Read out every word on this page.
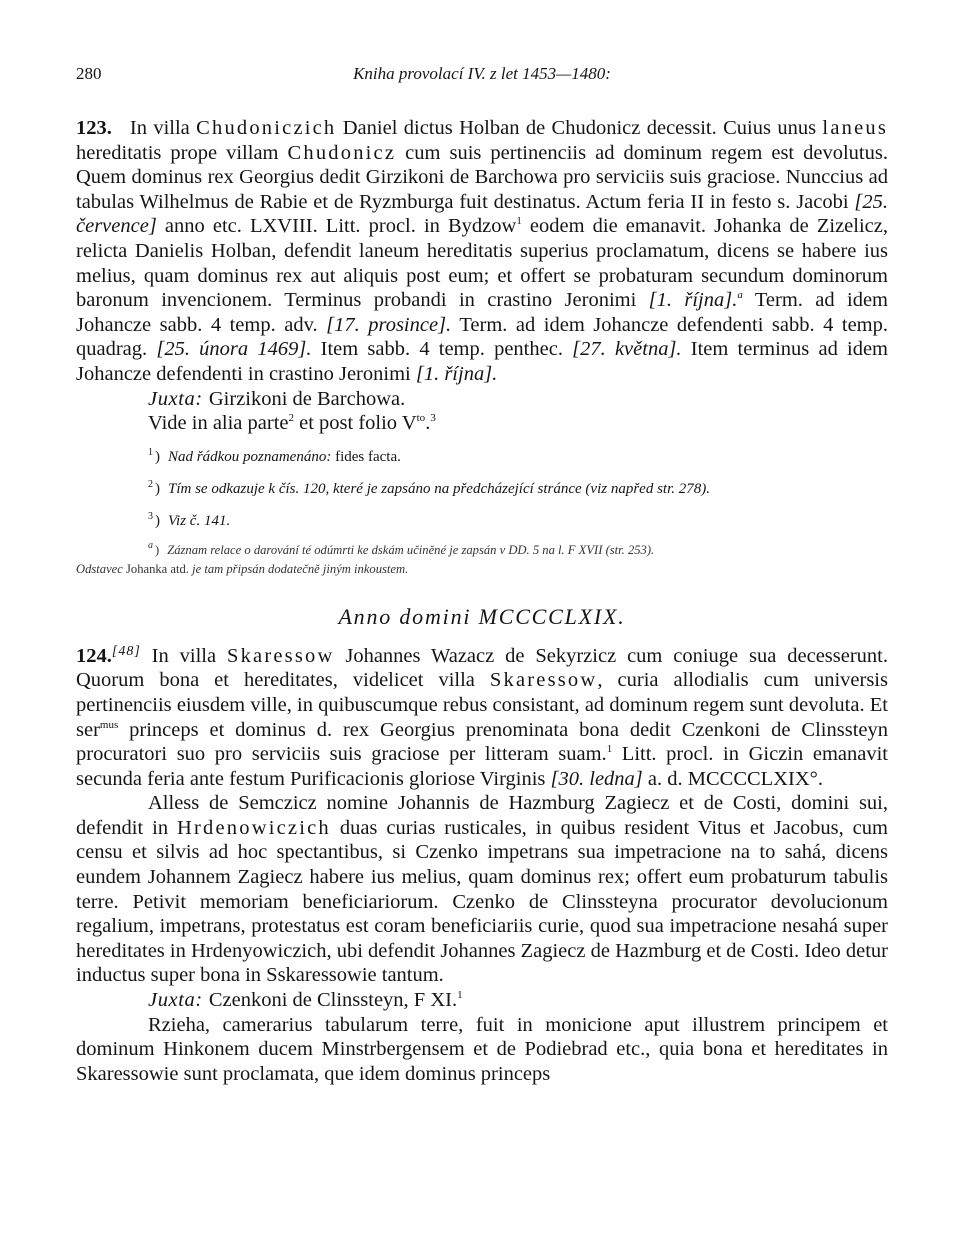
280	Kniha provolací IV. z let 1453—1480:

123. In villa Chudoniczich Daniel dictus Holban de Chudonicz decessit. Cuius unus laneus hereditatis prope villam Chudonicz cum suis pertinenciis ad dominum regem est devolutus. Quem dominus rex Georgius dedit Girzikoni de Barchowa pro serviciis suis graciose. Nunccius ad tabulas Wilhelmus de Rabie et de Ryzmburga fuit destinatus. Actum feria II in festo s. Jacobi [25. července] anno etc. LXVIII. Litt. procl. in Bydzow$^1$ eodem die emanavit. Johanka de Zizelicz, relicta Danielis Holban, defendit laneum hereditatis superius proclamatum, dicens se habere ius melius, quam dominus rex aut aliquis post eum; et offert se probaturam secundum dominorum baronum invencionem. Terminus probandi in crastino Jeronimi [1. října].$^a$ Term. ad idem Johancze sabb. 4 temp. adv. [17. prosince]. Term. ad idem Johancze defendenti sabb. 4 temp. quadrag. [25. února 1469]. Item sabb. 4 temp. penthec. [27. května]. Item terminus ad idem Johancze defendenti in crastino Jeronimi [1. října].

Juxta: Girzikoni de Barchowa.

Vide in alia parte$^2$ et post folio $V^{to}.^3$

$^1$ ) Nad řádkou poznamenáno: fides facta.

$^2$ ) Tím se odkazuje k čís. 120, které je zapsáno na předcházející stránce (viz napřed str. 278).

$^3$ ) Viz č. 141.

$^a$ ) Záznam relace o darování té odúmrti ke dskám učiněné je zapsán v DD. 5 na l. F XVII (str. 253).

Odstavec Johanka atd. je tam připsán dodatečně jiným inkoustem.

Anno domini MCCCCLXIX.

124.[48] In villa Skaressow Johannes Wazacz de Sekyrzicz cum coniuge sua decesserunt. Quorum bona et hereditates, videlicet villa Skaressow, curia allodialis cum universis pertinenciis eiusdem ville, in quibuscumque rebus consistant, ad dominum regem sunt devoluta. Et ser$^{mus}$ princeps et dominus d. rex Georgius prenominata bona dedit Czenkoni de Clinssteyn procuratori suo pro serviciis suis graciose per litteram suam.$^1$ Litt. procl. in Giczin emanavit secunda feria ante festum Purificacionis gloriose Virginis [30. ledna] a. d. MCCCCLXIX°.

Alless de Semczicz nomine Johannis de Hazmburg Zagiecz et de Costi, domini sui, defendit in Hrdenowiczich duas curias rusticales, in quibus resident Vitus et Jacobus, cum censu et silvis ad hoc spectantibus, si Czenko impetrans sua impetracione na to sahá, dicens eundem Johannem Zagiecz habere ius melius, quam dominus rex; offert eum probaturum tabulis terre. Petivit memoriam beneficiariorum. Czenko de Clinssteyna procurator devolucionum regalium, impetrans, protestatus est coram beneficiariis curie, quod sua impetracione nesahá super hereditates in Hrdenyowiczich, ubi defendit Johannes Zagiecz de Hazmburg et de Costi. Ideo detur inductus super bona in Sskaressowie tantum.

Juxta: Czenkoni de Clinssteyn, F XI.$^1$

Rzieha, camerarius tabularum terre, fuit in monicione aput illustrem principem et dominum Hinkonem ducem Minstrbergensem et de Podiebrad etc., quia bona et hereditates in Skaressowie sunt proclamata, que idem dominus princeps
